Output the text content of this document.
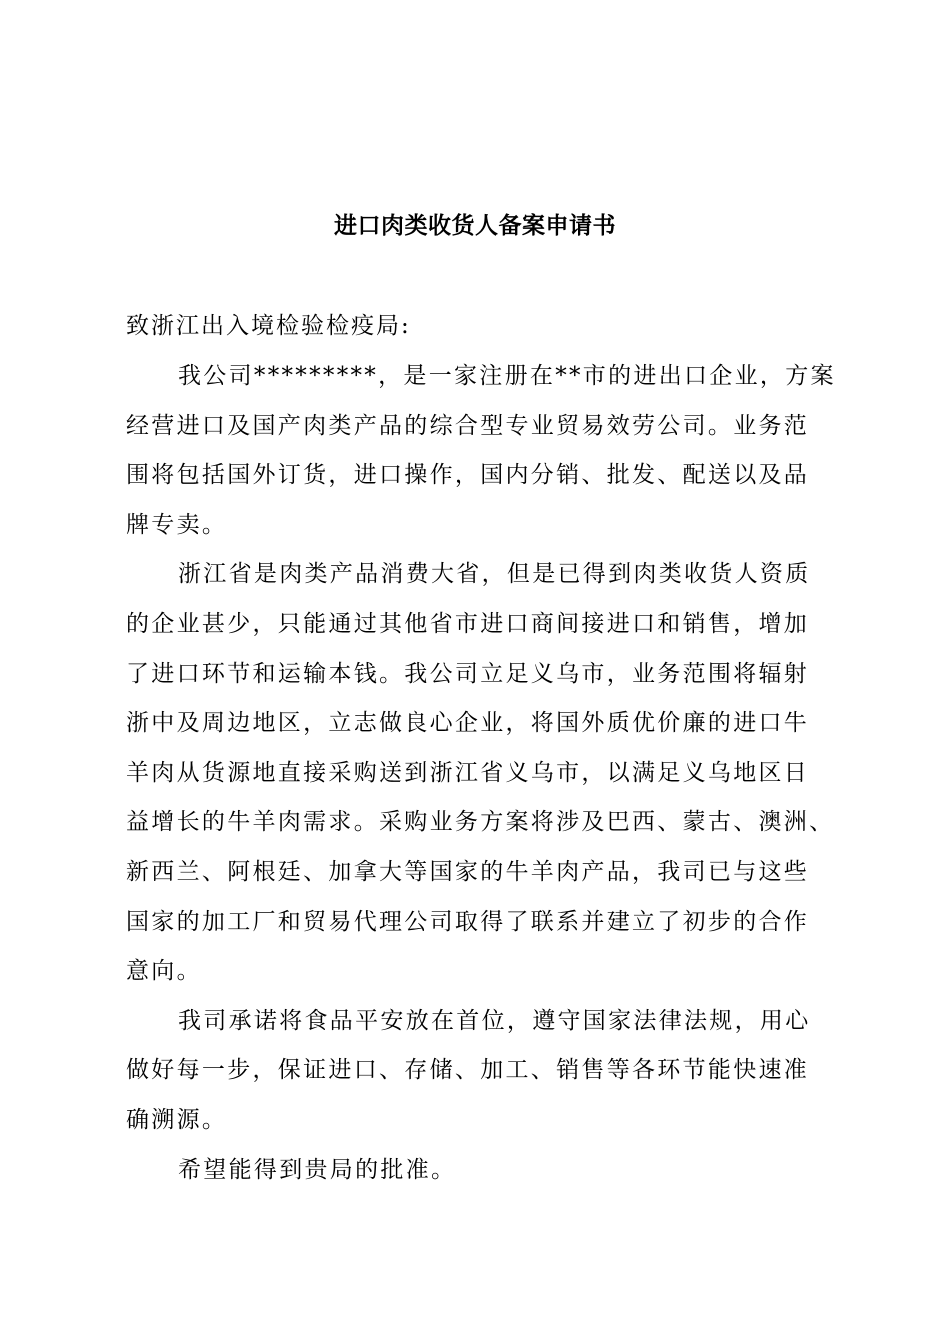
进口肉类收货人备案申请书
致浙江出入境检验检疫局:
我公司*********，是一家注册在**市的进出口企业，方案
经营进口及国产肉类产品的综合型专业贸易效劳公司。业务范
围将包括国外订货，进口操作，国内分销、批发、配送以及品
牌专卖。
浙江省是肉类产品消费大省，但是已得到肉类收货人资质
的企业甚少，只能通过其他省市进口商间接进口和销售，增加
了进口环节和运输本钱。我公司立足义乌市，业务范围将辐射
浙中及周边地区，立志做良心企业，将国外质优价廉的进口牛
羊肉从货源地直接采购送到浙江省义乌市，以满足义乌地区日
益增长的牛羊肉需求。采购业务方案将涉及巴西、蒙古、澳洲、
新西兰、阿根廷、加拿大等国家的牛羊肉产品，我司已与这些
国家的加工厂和贸易代理公司取得了联系并建立了初步的合作
意向。
我司承诺将食品平安放在首位，遵守国家法律法规，用心
做好每一步，保证进口、存储、加工、销售等各环节能快速准
确溯源。
希望能得到贵局的批准。
